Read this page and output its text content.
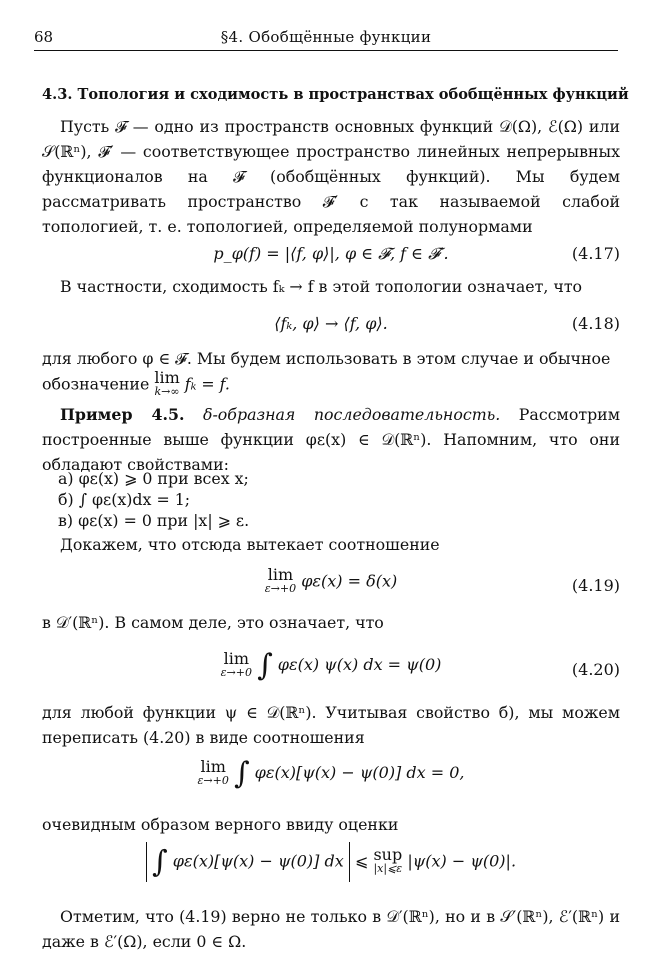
68	§4. Обобщённые функции
4.3. Топология и сходимость в пространствах обобщённых функций
Пусть 𝓕 — одно из пространств основных функций 𝒟(Ω), ℰ(Ω) или 𝒮(ℝⁿ), 𝓕′ — соответствующее пространство линейных непрерывных функционалов на 𝓕 (обобщённых функций). Мы будем рассматривать пространство 𝓕′ с так называемой слабой топологией, т. е. топологией, определяемой полунормами
p_φ(f) = |⟨f, φ⟩|, φ ∈ 𝓕, f ∈ 𝓕′.	(4.17)
В частности, сходимость fₖ → f в этой топологии означает, что
⟨fₖ, φ⟩ → ⟨f, φ⟩.	(4.18)
для любого φ ∈ 𝓕. Мы будем использовать в этом случае и обычное
обозначение lim
k→∞ fₖ = f.
Пример 4.5. δ-образная последовательность. Рассмотрим построенные выше функции φε(x) ∈ 𝒟(ℝⁿ). Напомним, что они обладают свойствами:
а) φε(x) ⩾ 0 при всех x;
б) ∫ φε(x)dx = 1;
в) φε(x) = 0 при |x| ⩾ ε.
Докажем, что отсюда вытекает соотношение
lim
ε→+0 φε(x) = δ(x)	(4.19)
в 𝒟′(ℝⁿ). В самом деле, это означает, что
lim
ε→+0 ∫ φε(x) ψ(x) dx = ψ(0)	(4.20)
для любой функции ψ ∈ 𝒟(ℝⁿ). Учитывая свойство б), мы можем переписать (4.20) в виде соотношения
lim
ε→+0 ∫ φε(x)[ψ(x) − ψ(0)] dx = 0,
очевидным образом верного ввиду оценки
∫ φε(x)[ψ(x) − ψ(0)] dx ⩽ sup
|x|⩽ε |ψ(x) − ψ(0)|.
Отметим, что (4.19) верно не только в 𝒟′(ℝⁿ), но и в 𝒮′(ℝⁿ), ℰ′(ℝⁿ) и даже в ℰ′(Ω), если 0 ∈ Ω.
